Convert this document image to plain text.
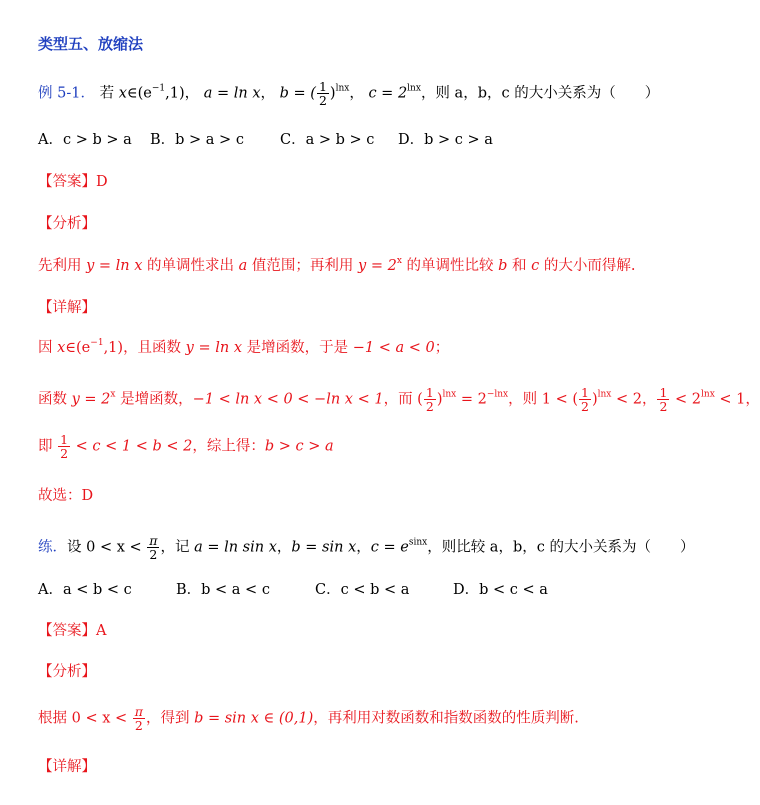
类型五、放缩法
例 5-1． 若 $x\in(e^{-1},1)$， a = ln x， b = ( $\frac{1}{2} )^{lnx}$， $c = 2^{lnx}$，则 a，b，c 的大小关系为（　　）
A．c > b > a B．b > a > c C．a > b > c D．b > c > a
【答案】D
【分析】
先利用 y = ln x 的单调性求出 a 值范围；再利用 $y = 2^x$ 的单调性比较 b 和 c 的大小而得解.
【详解】
因 $x\in(e^{-1},1)$，且函数 y = ln x 是增函数，于是 −1 < a < 0；
函数 $y = 2^x$ 是增函数，−1 < ln x < 0 < −ln x < 1，而 ( $\frac{1}{2} )^{lnx} = 2^{-lnx}$，则 1 < ( $\frac{1}{2} )^{lnx} < 2$， $\frac{1}{2} < 2^{lnx} < 1$，
即 $\frac{1}{2} < c < 1 < b < 2$，综上得：b > c > a
故选：D
练．设 $0 < x < \frac{\pi}{2}$ ，记 a = ln sin x，b = sin x，$c = e^{sinx}$，则比较 a，b，c 的大小关系为（　　）
A．a < b < c	B．b < a < c	C．c < b < a	D．b < c < a
【答案】A
【分析】
根据 $0 < x < \frac{\pi}{2}$ ，得到 b = sin x ∈ (0,1)，再利用对数函数和指数函数的性质判断.
【详解】
